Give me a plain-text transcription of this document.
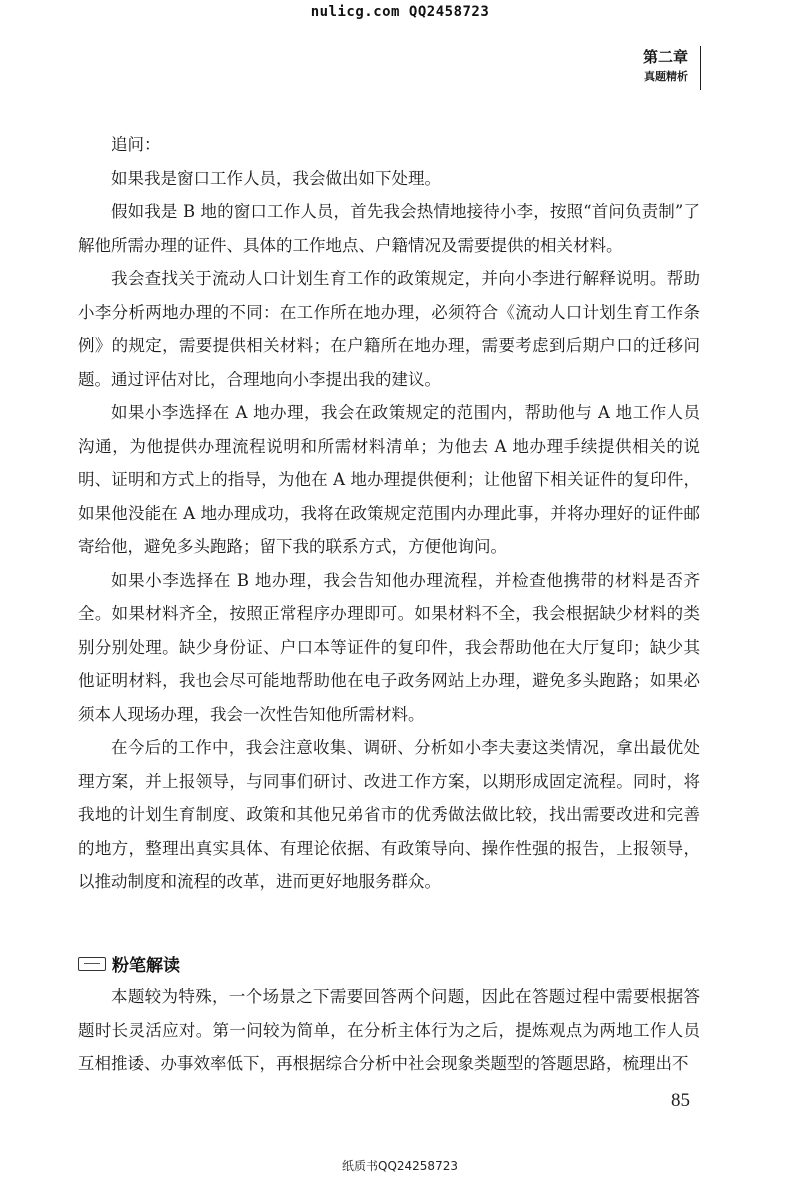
nulicg.com QQ2458723
第二章
真题精析

追问：

如果我是窗口工作人员，我会做出如下处理。

假如我是 B 地的窗口工作人员，首先我会热情地接待小李，按照“首问负责制”了解他所需办理的证件、具体的工作地点、户籍情况及需要提供的相关材料。

我会查找关于流动人口计划生育工作的政策规定，并向小李进行解释说明。帮助小李分析两地办理的不同：在工作所在地办理，必须符合《流动人口计划生育工作条例》的规定，需要提供相关材料；在户籍所在地办理，需要考虑到后期户口的迁移问题。通过评估对比，合理地向小李提出我的建议。

如果小李选择在 A 地办理，我会在政策规定的范围内，帮助他与 A 地工作人员沟通，为他提供办理流程说明和所需材料清单；为他去 A 地办理手续提供相关的说明、证明和方式上的指导，为他在 A 地办理提供便利；让他留下相关证件的复印件，如果他没能在 A 地办理成功，我将在政策规定范围内办理此事，并将办理好的证件邮寄给他，避免多头跑路；留下我的联系方式，方便他询问。

如果小李选择在 B 地办理，我会告知他办理流程，并检查他携带的材料是否齐全。如果材料齐全，按照正常程序办理即可。如果材料不全，我会根据缺少材料的类别分别处理。缺少身份证、户口本等证件的复印件，我会帮助他在大厅复印；缺少其他证明材料，我也会尽可能地帮助他在电子政务网站上办理，避免多头跑路；如果必须本人现场办理，我会一次性告知他所需材料。

在今后的工作中，我会注意收集、调研、分析如小李夫妻这类情况，拿出最优处理方案，并上报领导，与同事们研讨、改进工作方案，以期形成固定流程。同时，将我地的计划生育制度、政策和其他兄弟省市的优秀做法做比较，找出需要改进和完善的地方，整理出真实具体、有理论依据、有政策导向、操作性强的报告，上报领导，以推动制度和流程的改革，进而更好地服务群众。

粉笔解读

本题较为特殊，一个场景之下需要回答两个问题，因此在答题过程中需要根据答题时长灵活应对。第一问较为简单，在分析主体行为之后，提炼观点为两地工作人员互相推诿、办事效率低下，再根据综合分析中社会现象类题型的答题思路，梳理出不

85
纸质书QQ24258723
